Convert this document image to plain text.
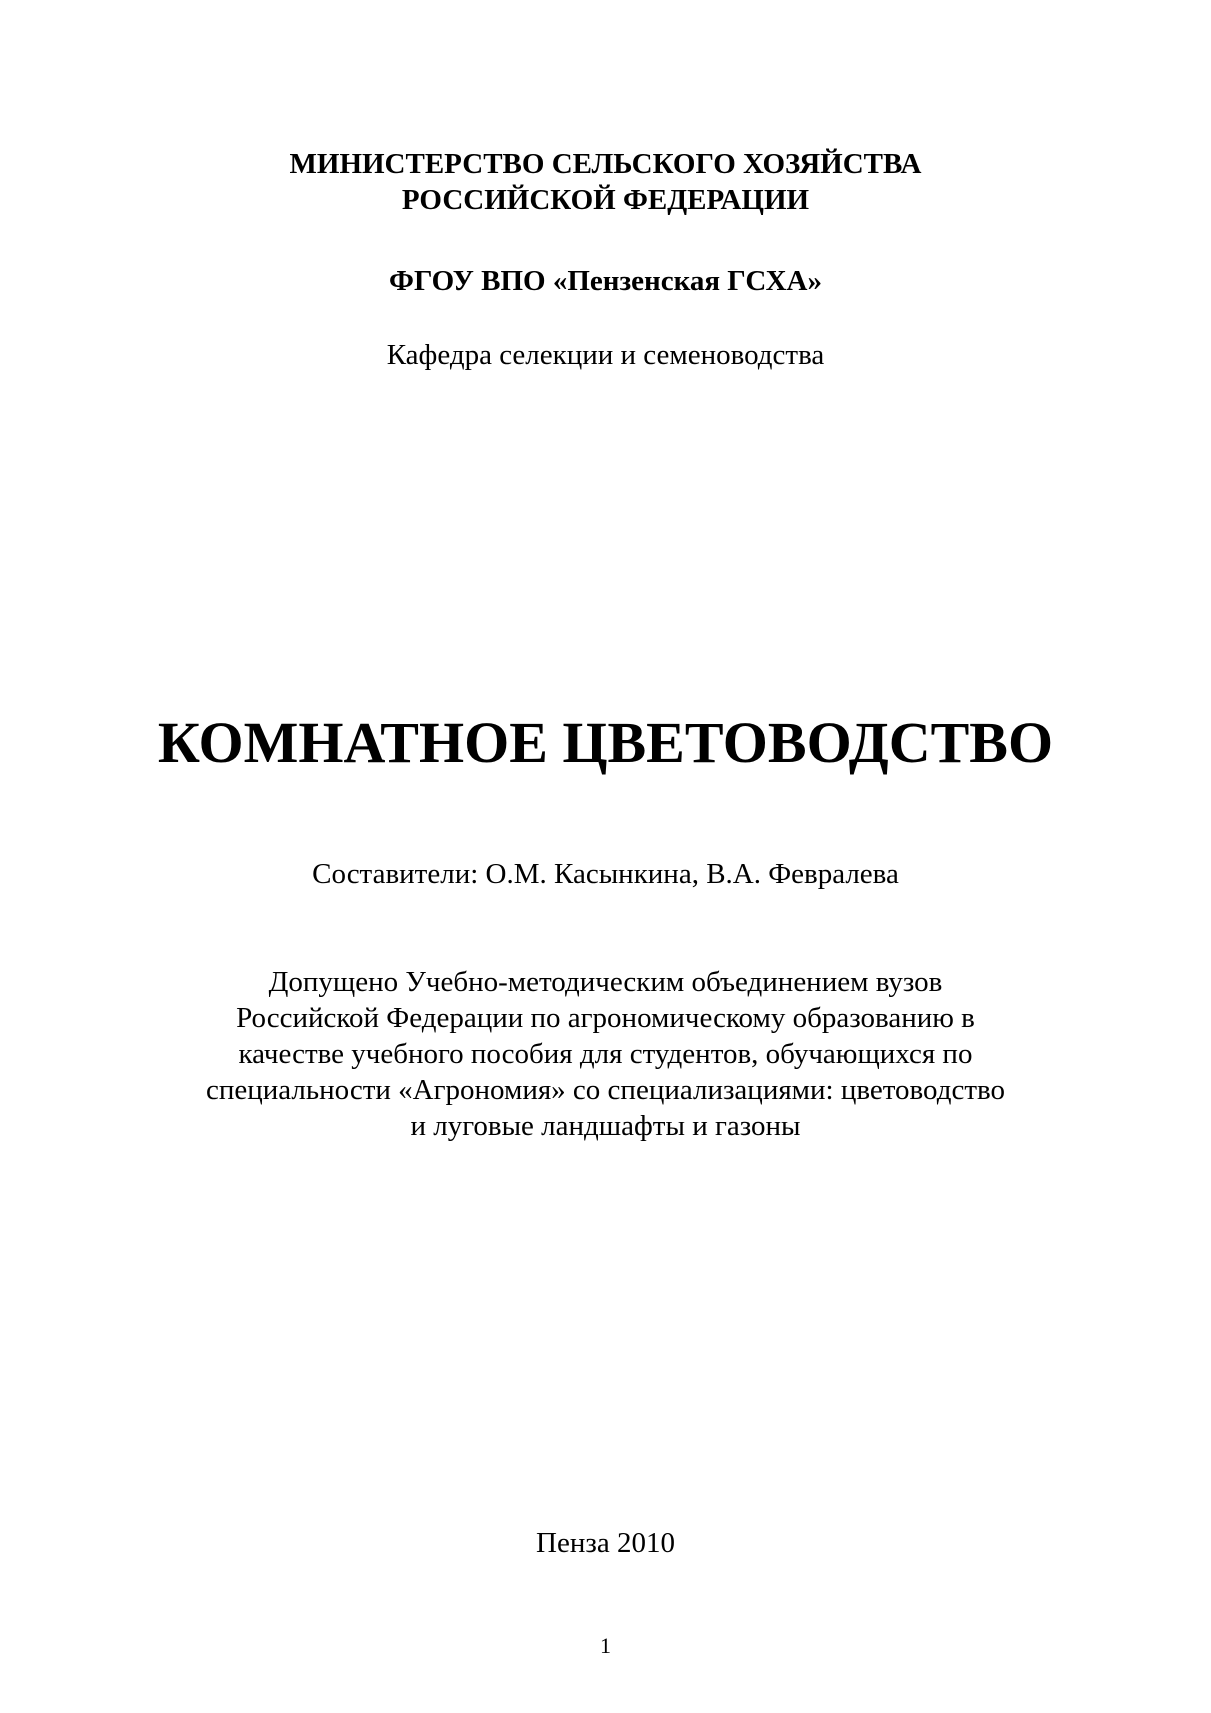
МИНИСТЕРСТВО СЕЛЬСКОГО ХОЗЯЙСТВА
РОССИЙСКОЙ ФЕДЕРАЦИИ
ФГОУ ВПО «Пензенская ГСХА»
Кафедра селекции и семеноводства
КОМНАТНОЕ ЦВЕТОВОДСТВО
Составители: О.М. Касынкина, В.А. Февралева
Допущено Учебно-методическим объединением вузов
Российской Федерации по агрономическому образованию в
качестве учебного пособия для студентов, обучающихся по
специальности «Агрономия» со специализациями: цветоводство
и луговые ландшафты и газоны
Пенза 2010
1
